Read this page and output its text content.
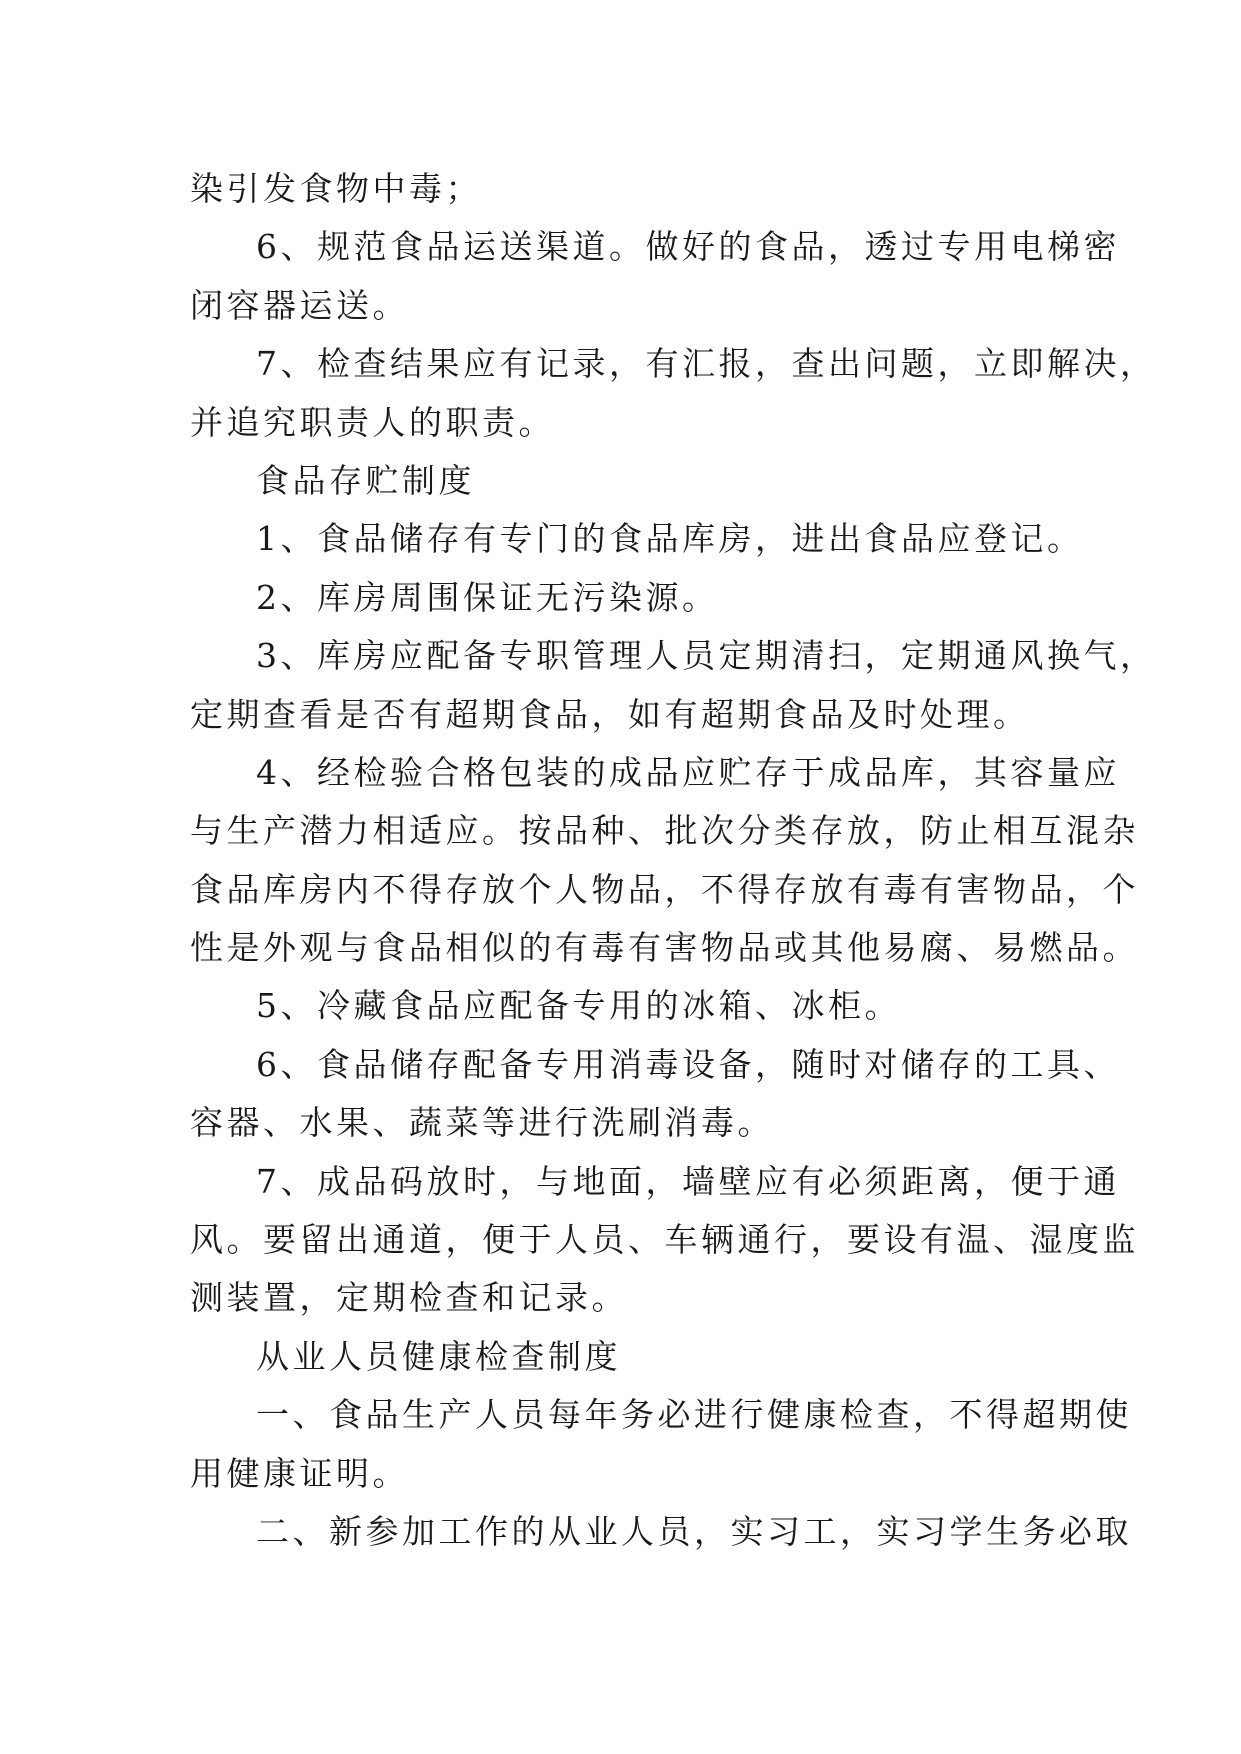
染引发食物中毒；
6、规范食品运送渠道。做好的食品，透过专用电梯密
闭容器运送。
7、检查结果应有记录，有汇报，查出问题，立即解决，
并追究职责人的职责。
食品存贮制度
1、食品储存有专门的食品库房，进出食品应登记。
2、库房周围保证无污染源。
3、库房应配备专职管理人员定期清扫，定期通风换气，
定期查看是否有超期食品，如有超期食品及时处理。
4、经检验合格包装的成品应贮存于成品库，其容量应
与生产潜力相适应。按品种、批次分类存放，防止相互混杂
食品库房内不得存放个人物品，不得存放有毒有害物品，个
性是外观与食品相似的有毒有害物品或其他易腐、易燃品。
5、冷藏食品应配备专用的冰箱、冰柜。
6、食品储存配备专用消毒设备，随时对储存的工具、
容器、水果、蔬菜等进行洗刷消毒。
7、成品码放时，与地面，墙壁应有必须距离，便于通
风。要留出通道，便于人员、车辆通行，要设有温、湿度监
测装置，定期检查和记录。
从业人员健康检查制度
一、食品生产人员每年务必进行健康检查，不得超期使
用健康证明。
二、新参加工作的从业人员，实习工，实习学生务必取
